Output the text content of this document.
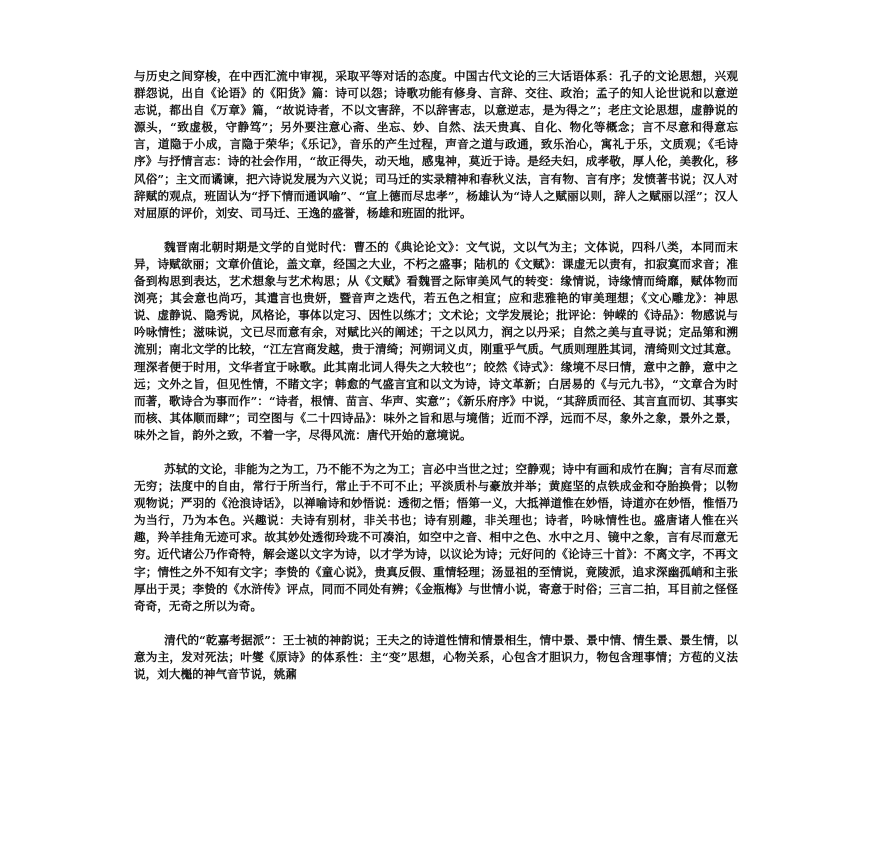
与历史之间穿梭，在中西汇流中审视，采取平等对话的态度。中国古代文论的三大话语体系：孔子的文论思想，兴观群怨说，出自《论语》的《阳货》篇：诗可以怨；诗歌功能有修身、言辞、交往、政治；孟子的知人论世说和以意逆志说，都出自《万章》篇，“故说诗者，不以文害辞，不以辞害志，以意逆志，是为得之”；老庄文论思想，虚静说的源头，“致虚极，守静笃”；另外要注意心斋、坐忘、妙、自然、法天贵真、自化、物化等概念；言不尽意和得意忘言，道隐于小成，言隐于荣华；《乐记》，音乐的产生过程，声音之道与政通，致乐治心，寓礼于乐，文质观；《毛诗序》与抒情言志：诗的社会作用，“故正得失，动天地，感鬼神，莫近于诗。是经夫妇，成孝敬，厚人伦，美教化，移风俗”；主文而谲谏，把六诗说发展为六义说；司马迁的实录精神和春秋义法，言有物、言有序；发愤著书说；汉人对辞赋的观点，班固认为“抒下情而通讽喻”、“宣上德而尽忠孝”，杨雄认为“诗人之赋丽以则，辞人之赋丽以淫”；汉人对屈原的评价，刘安、司马迁、王逸的盛誉，杨雄和班固的批评。

魏晋南北朝时期是文学的自觉时代：曹丕的《典论论文》：文气说，文以气为主；文体说，四科八类，本同而末异，诗赋欲丽；文章价值论，盖文章，经国之大业，不朽之盛事；陆机的《文赋》：课虚无以责有，扣寂寞而求音；准备到构思到表达，艺术想象与艺术构思；从《文赋》看魏晋之际审美风气的转变：缘情说，诗缘情而绮靡，赋体物而浏亮；其会意也尚巧，其遣言也贵妍，暨音声之迭代，若五色之相宣；应和悲雅艳的审美理想；《文心雕龙》：神思说、虚静说、隐秀说，风格论，事体以定习、因性以练才；文术论；文学发展论；批评论：钟嵘的《诗品》：物感说与吟咏情性；滋味说，文已尽而意有余，对赋比兴的阐述；干之以风力，润之以丹采；自然之美与直寻说；定品第和溯流别；南北文学的比较，“江左宫商发越，贵于清绮；河朔词义贞，刚重乎气质。气质则理胜其词，清绮则文过其意。理深者便于时用，文华者宜于咏歌。此其南北词人得失之大较也”；皎然《诗式》：缘境不尽曰情，意中之静，意中之远；文外之旨，但见性情，不睹文字；韩愈的气盛言宜和以文为诗，诗文革新；白居易的《与元九书》，“文章合为时而著，歌诗合为事而作”：“诗者，根情、苗言、华声、实意”；《新乐府序》中说，“其辞质而径、其言直而切、其事实而核、其体顺而肆”；司空图与《二十四诗品》：味外之旨和思与境偕；近而不浮，远而不尽，象外之象，景外之景，味外之旨，韵外之致，不着一字，尽得风流：唐代开始的意境说。

苏轼的文论，非能为之为工，乃不能不为之为工；言必中当世之过；空静观；诗中有画和成竹在胸；言有尽而意无穷；法度中的自由，常行于所当行，常止于不可不止；平淡质朴与豪放并举；黄庭坚的点铁成金和夺胎换骨；以物观物说；严羽的《沧浪诗话》，以禅喻诗和妙悟说：透彻之悟；悟第一义，大抵禅道惟在妙悟，诗道亦在妙悟，惟悟乃为当行，乃为本色。兴趣说：夫诗有别材，非关书也；诗有别趣，非关理也；诗者，吟咏情性也。盛唐诸人惟在兴趣，羚羊挂角无迹可求。故其妙处透彻玲珑不可凑泊，如空中之音、相中之色、水中之月、镜中之象，言有尽而意无穷。近代诸公乃作奇特，解会遂以文字为诗，以才学为诗，以议论为诗；元好问的《论诗三十首》：不离文字，不再文字；情性之外不知有文字；李贽的《童心说》，贵真反假、重情轻理；汤显祖的至情说，竟陵派，追求深幽孤峭和主张厚出于灵；李贽的《水浒传》评点，同而不同处有辨；《金瓶梅》与世情小说，寄意于时俗；三言二拍，耳目前之怪怪奇奇，无奇之所以为奇。

清代的“乾嘉考据派”：王士祯的神韵说；王夫之的诗道性情和情景相生，情中景、景中情、情生景、景生情，以意为主，发对死法；叶燮《原诗》的体系性：主“变”思想，心物关系，心包含才胆识力，物包含理事情；方苞的义法说，刘大櫆的神气音节说，姚鼐
